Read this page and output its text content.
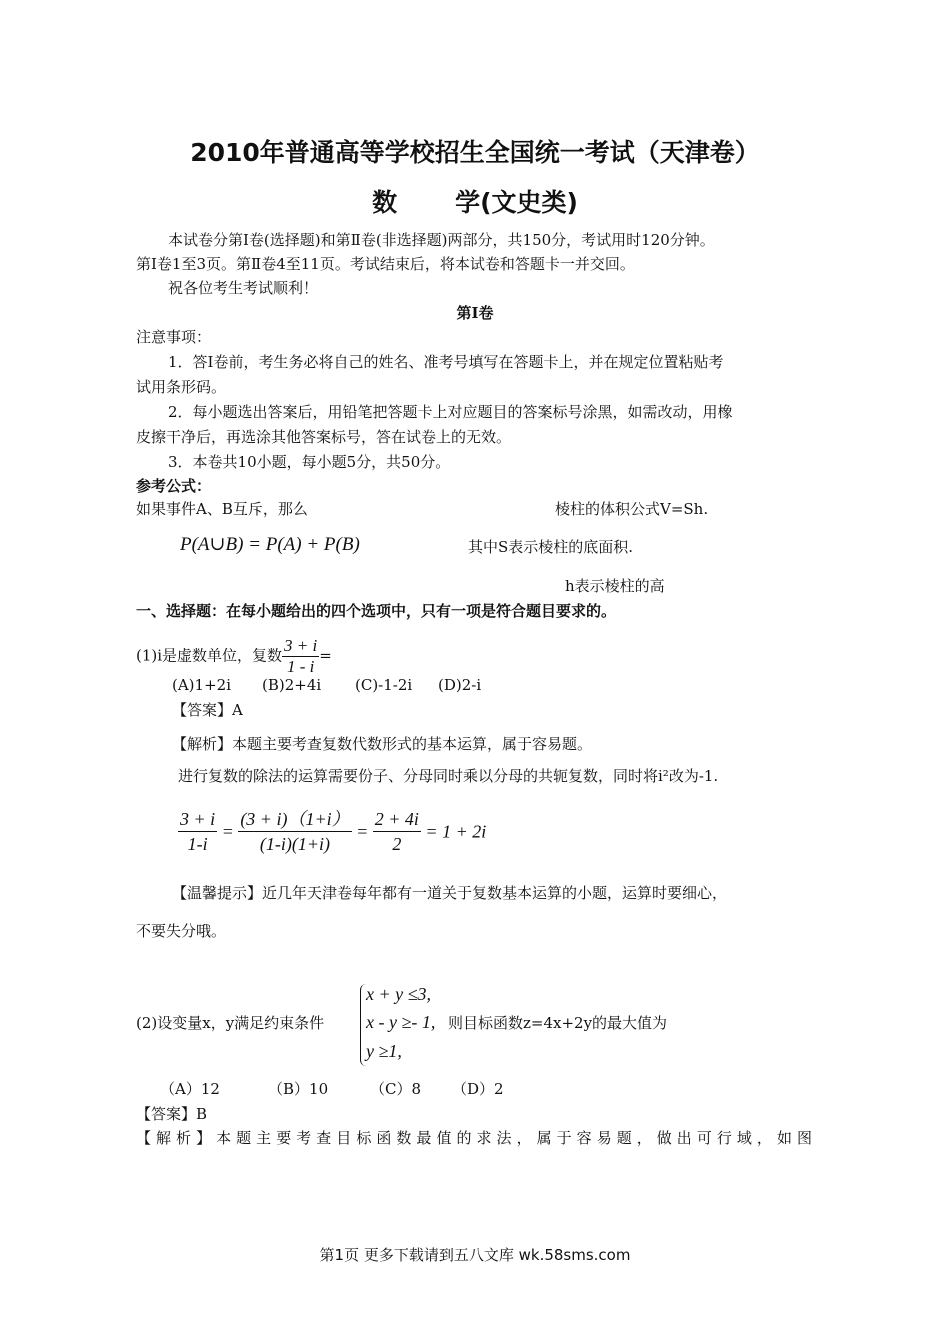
2010年普通高等学校招生全国统一考试（天津卷）
数 学(文史类)
本试卷分第Ⅰ卷(选择题)和第Ⅱ卷(非选择题)两部分，共150分，考试用时120分钟。
第Ⅰ卷1至3页。第Ⅱ卷4至11页。考试结束后，将本试卷和答题卡一并交回。
祝各位考生考试顺利！
第Ⅰ卷
注意事项：
1．答Ⅰ卷前，考生务必将自己的姓名、准考号填写在答题卡上，并在规定位置粘贴考
试用条形码。
2．每小题选出答案后，用铅笔把答题卡上对应题目的答案标号涂黑，如需改动，用橡
皮擦干净后，再选涂其他答案标号，答在试卷上的无效。
3．本卷共10小题，每小题5分，共50分。
参考公式：
如果事件A、B互斥，那么	棱柱的体积公式V=Sh.
P(A∪B) = P(A) + P(B)	其中S表示棱柱的底面积.
h表示棱柱的高
一、选择题：在每小题给出的四个选项中，只有一项是符合题目要求的。
(1)i是虚数单位，复数 $\frac{3 + i}{1 - i}$ =
(A)1+2i (B)2+4i (C)-1-2i (D)2-i
【答案】A
【解析】本题主要考查复数代数形式的基本运算，属于容易题。
进行复数的除法的运算需要份子、分母同时乘以分母的共轭复数，同时将i²改为-1.
$\frac{3 + i}{1-i} = \frac{(3 + i)(1+i)}{(1-i)(1+i)} = \frac{2 + 4i}{2} = 1 + 2i$
【温馨提示】近几年天津卷每年都有一道关于复数基本运算的小题，运算时要细心，
不要失分哦。
(2)设变量x，y满足约束条件
x + y ≤3,
x - y ≥- 1,
y ≥1,
则目标函数z=4x+2y的最大值为
（A）12	（B）10	（C）8 （D）2
【答案】B
【解析】本题主要考查目标函数最值的求法，属于容易题，做出可行域，如图
第1页 更多下载请到五八文库 wk.58sms.com
